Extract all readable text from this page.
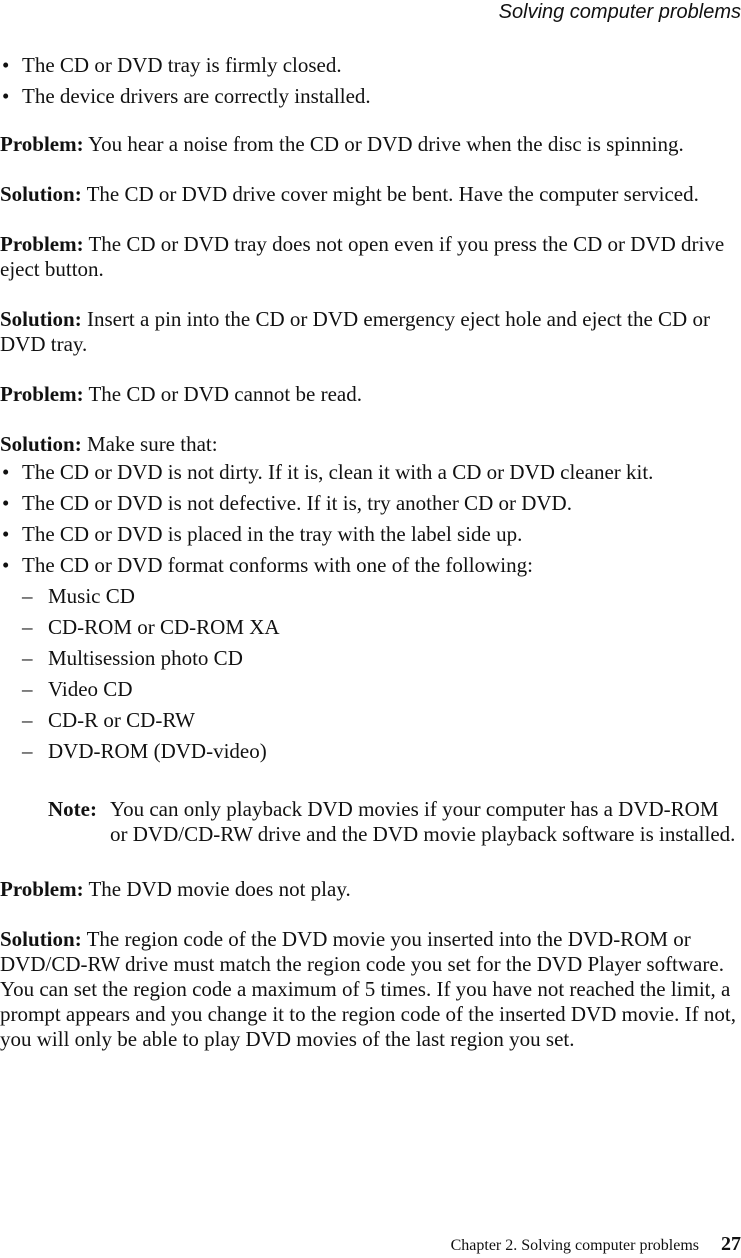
Solving computer problems
• The CD or DVD tray is firmly closed.
• The device drivers are correctly installed.

Problem: You hear a noise from the CD or DVD drive when the disc is spinning.

Solution: The CD or DVD drive cover might be bent. Have the computer serviced.

Problem: The CD or DVD tray does not open even if you press the CD or DVD drive eject button.

Solution: Insert a pin into the CD or DVD emergency eject hole and eject the CD or DVD tray.

Problem: The CD or DVD cannot be read.

Solution: Make sure that:

• The CD or DVD is not dirty. If it is, clean it with a CD or DVD cleaner kit.
• The CD or DVD is not defective. If it is, try another CD or DVD.
• The CD or DVD is placed in the tray with the label side up.
• The CD or DVD format conforms with one of the following:
– Music CD
– CD-ROM or CD-ROM XA
– Multisession photo CD
– Video CD
– CD-R or CD-RW
– DVD-ROM (DVD-video)
Note: You can only playback DVD movies if your computer has a DVD-ROM or DVD/CD-RW drive and the DVD movie playback software is installed.

Problem: The DVD movie does not play.

Solution: The region code of the DVD movie you inserted into the DVD-ROM or DVD/CD-RW drive must match the region code you set for the DVD Player software. You can set the region code a maximum of 5 times. If you have not reached the limit, a prompt appears and you change it to the region code of the inserted DVD movie. If not, you will only be able to play DVD movies of the last region you set.

Chapter 2. Solving computer problems 27
